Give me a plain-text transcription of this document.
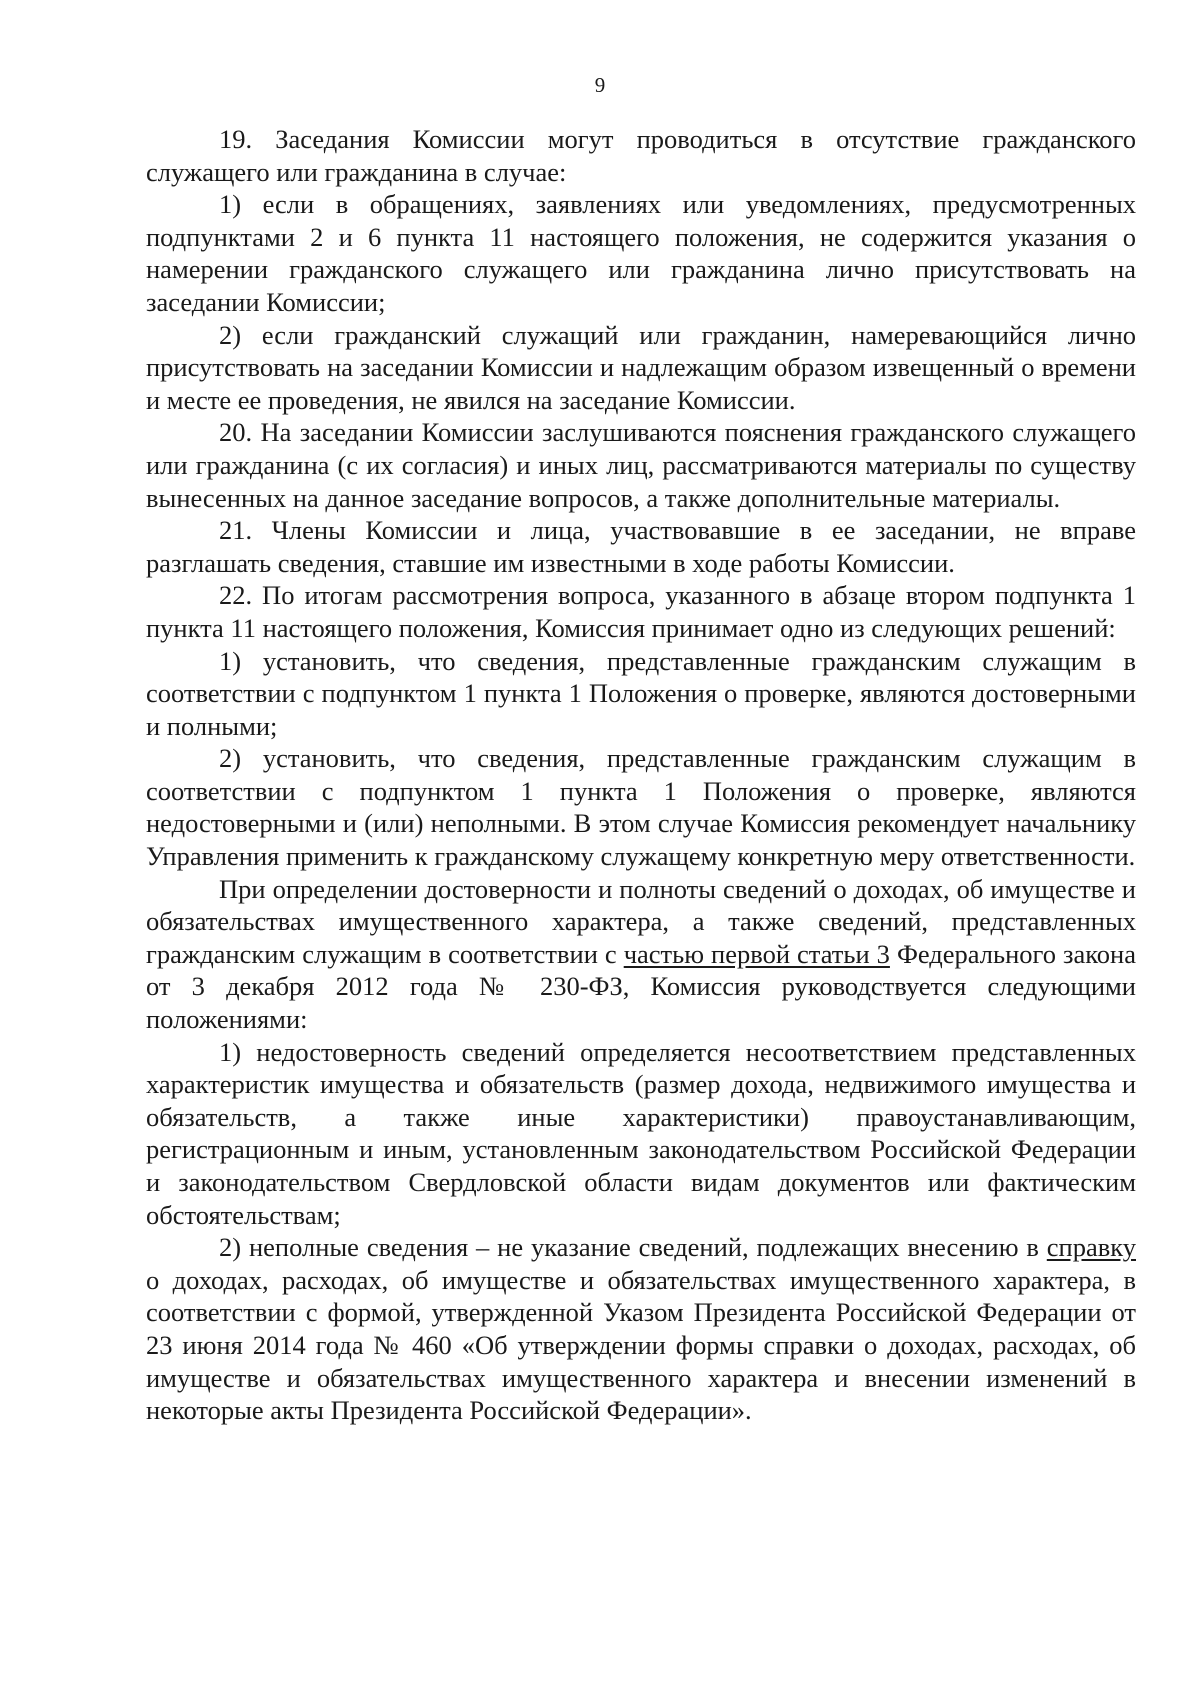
9

19. Заседания Комиссии могут проводиться в отсутствие гражданского служащего или гражданина в случае:

1) если в обращениях, заявлениях или уведомлениях, предусмотренных подпунктами 2 и 6 пункта 11 настоящего положения, не содержится указания о намерении гражданского служащего или гражданина лично присутствовать на заседании Комиссии;

2) если гражданский служащий или гражданин, намеревающийся лично присутствовать на заседании Комиссии и надлежащим образом извещенный о времени и месте ее проведения, не явился на заседание Комиссии.

20. На заседании Комиссии заслушиваются пояснения гражданского служащего или гражданина (с их согласия) и иных лиц, рассматриваются материалы по существу вынесенных на данное заседание вопросов, а также дополнительные материалы.

21. Члены Комиссии и лица, участвовавшие в ее заседании, не вправе разглашать сведения, ставшие им известными в ходе работы Комиссии.

22. По итогам рассмотрения вопроса, указанного в абзаце втором подпункта 1 пункта 11 настоящего положения, Комиссия принимает одно из следующих решений:

1) установить, что сведения, представленные гражданским служащим в соответствии с подпунктом 1 пункта 1 Положения о проверке, являются достоверными и полными;

2) установить, что сведения, представленные гражданским служащим в соответствии с подпунктом 1 пункта 1 Положения о проверке, являются недостоверными и (или) неполными. В этом случае Комиссия рекомендует начальнику Управления применить к гражданскому служащему конкретную меру ответственности.

При определении достоверности и полноты сведений о доходах, об имуществе и обязательствах имущественного характера, а также сведений, представленных гражданским служащим в соответствии с частью первой статьи 3 Федерального закона от 3 декабря 2012 года № 230-ФЗ, Комиссия руководствуется следующими положениями:

1) недостоверность сведений определяется несоответствием представленных характеристик имущества и обязательств (размер дохода, недвижимого имущества и обязательств, а также иные характеристики) правоустанавливающим, регистрационным и иным, установленным законодательством Российской Федерации и законодательством Свердловской области видам документов или фактическим обстоятельствам;

2) неполные сведения – не указание сведений, подлежащих внесению в справку о доходах, расходах, об имуществе и обязательствах имущественного характера, в соответствии с формой, утвержденной Указом Президента Российской Федерации от 23 июня 2014 года № 460 «Об утверждении формы справки о доходах, расходах, об имуществе и обязательствах имущественного характера и внесении изменений в некоторые акты Президента Российской Федерации».
